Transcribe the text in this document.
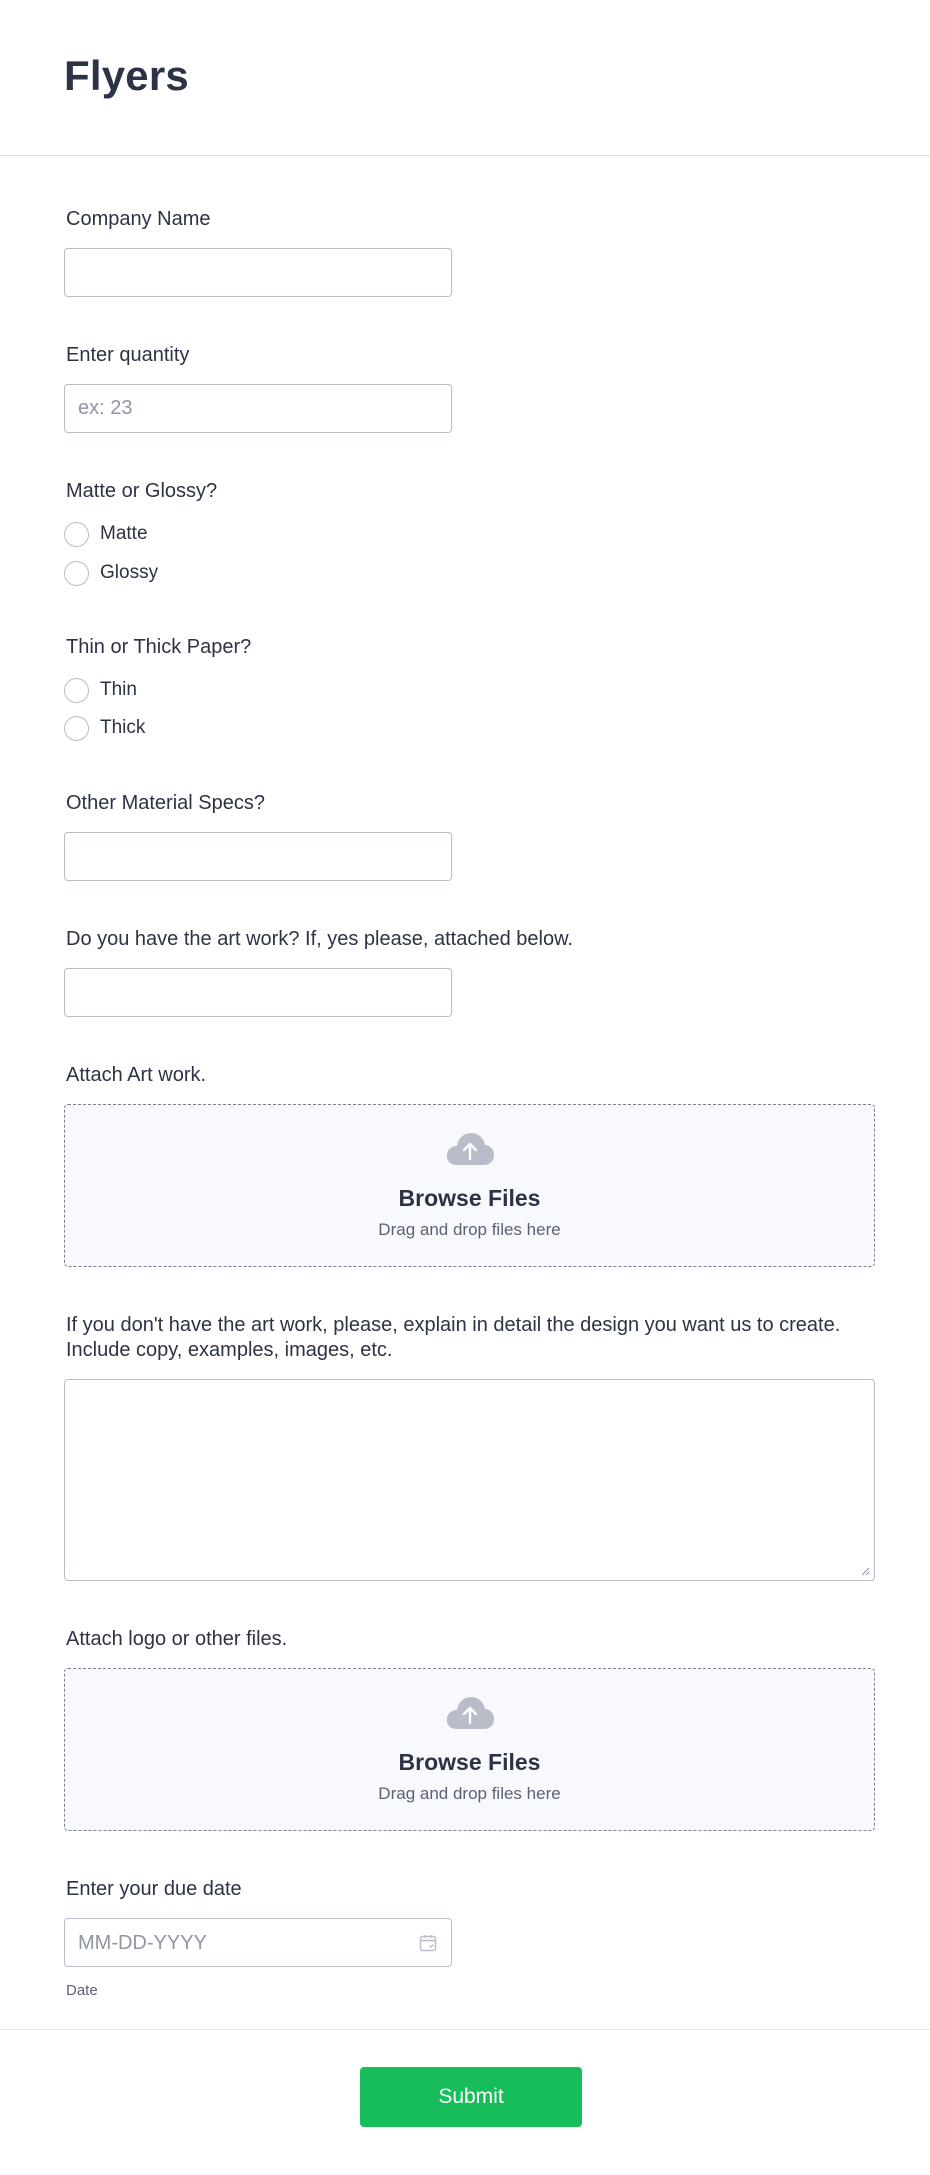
Flyers
Company Name
Enter quantity
ex: 23
Matte or Glossy?
Matte
Glossy
Thin or Thick Paper?
Thin
Thick
Other Material Specs?
Do you have the art work? If, yes please, attached below.
Attach Art work.
Browse Files
Drag and drop files here
If you don't have the art work, please, explain in detail the design you want us to create. Include copy, examples, images, etc.
Attach logo or other files.
Browse Files
Drag and drop files here
Enter your due date
MM-DD-YYYY
Date
Submit
